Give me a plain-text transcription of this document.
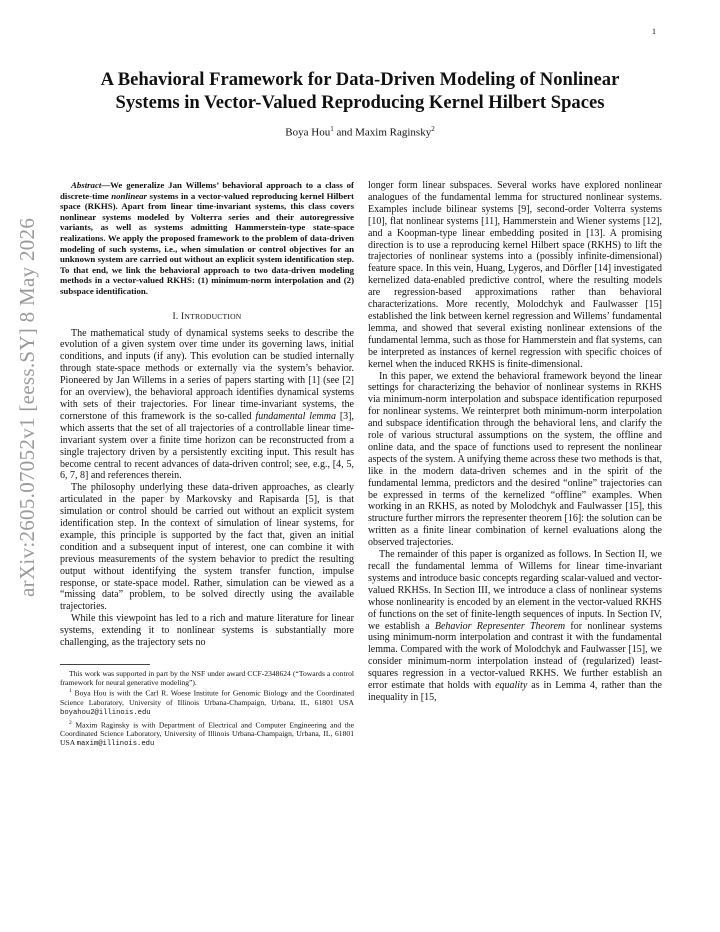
1
arXiv:2605.07052v1 [eess.SY] 8 May 2026
A Behavioral Framework for Data-Driven Modeling of Nonlinear
Systems in Vector-Valued Reproducing Kernel Hilbert Spaces
Boya Hou$^1$ and Maxim Raginsky$^2$
Abstract—We generalize Jan Willems’ behavioral approach to a class of discrete-time nonlinear systems in a vector-valued reproducing kernel Hilbert space (RKHS). Apart from linear time-invariant systems, this class covers nonlinear systems modeled by Volterra series and their autoregressive variants, as well as systems admitting Hammerstein-type state-space realizations. We apply the proposed framework to the problem of data-driven modeling of such systems, i.e., when simulation or control objectives for an unknown system are carried out without an explicit system identification step. To that end, we link the behavioral approach to two data-driven modeling methods in a vector-valued RKHS: (1) minimum-norm interpolation and (2) subspace identification.
I. INTRODUCTION

The mathematical study of dynamical systems seeks to describe the evolution of a given system over time under its governing laws, initial conditions, and inputs (if any). This evolution can be studied internally through state-space methods or externally via the system’s behavior. Pioneered by Jan Willems in a series of papers starting with [1] (see [2] for an overview), the behavioral approach identifies dynamical systems with sets of their trajectories. For linear time-invariant systems, the cornerstone of this framework is the so-called fundamental lemma [3], which asserts that the set of all trajectories of a controllable linear time-invariant system over a finite time horizon can be reconstructed from a single trajectory driven by a persistently exciting input. This result has become central to recent advances of data-driven control; see, e.g., [4, 5, 6, 7, 8] and references therein.

The philosophy underlying these data-driven approaches, as clearly articulated in the paper by Markovsky and Rapisarda [5], is that simulation or control should be carried out without an explicit system identification step. In the context of simulation of linear systems, for example, this principle is supported by the fact that, given an initial condition and a subsequent input of interest, one can combine it with previous measurements of the system behavior to predict the resulting output without identifying the system transfer function, impulse response, or state-space model. Rather, simulation can be viewed as a “missing data” problem, to be solved directly using the available trajectories.

While this viewpoint has led to a rich and mature literature for linear systems, extending it to nonlinear systems is substantially more challenging, as the trajectory sets no

This work was supported in part by the NSF under award CCF-2348624 (“Towards a control framework for neural generative modeling”).

$^1$ Boya Hou is with the Carl R. Woese Institute for Genomic Biology and the Coordinated Science Laboratory, University of Illinois Urbana-Champaign, Urbana, IL, 61801 USA boyahou2@illinois.edu

$^2$ Maxim Raginsky is with Department of Electrical and Computer Engineering and the Coordinated Science Laboratory, University of Illinois Urbana-Champaign, Urbana, IL, 61801 USA maxim@illinois.edu

longer form linear subspaces. Several works have explored nonlinear analogues of the fundamental lemma for structured nonlinear systems. Examples include bilinear systems [9], second-order Volterra systems [10], flat nonlinear systems [11], Hammerstein and Wiener systems [12], and a Koopman-type linear embedding posited in [13]. A promising direction is to use a reproducing kernel Hilbert space (RKHS) to lift the trajectories of nonlinear systems into a (possibly infinite-dimensional) feature space. In this vein, Huang, Lygeros, and Dörfler [14] investigated kernelized data-enabled predictive control, where the resulting models are regression-based approximations rather than behavioral characterizations. More recently, Molodchyk and Faulwasser [15] established the link between kernel regression and Willems’ fundamental lemma, and showed that several existing nonlinear extensions of the fundamental lemma, such as those for Hammerstein and flat systems, can be interpreted as instances of kernel regression with specific choices of kernel when the induced RKHS is finite-dimensional.

In this paper, we extend the behavioral framework beyond the linear settings for characterizing the behavior of nonlinear systems in RKHS via minimum-norm interpolation and subspace identification repurposed for nonlinear systems. We reinterpret both minimum-norm interpolation and subspace identification through the behavioral lens, and clarify the role of various structural assumptions on the system, the offline and online data, and the space of functions used to represent the nonlinear aspects of the system. A unifying theme across these two methods is that, like in the modern data-driven schemes and in the spirit of the fundamental lemma, predictors and the desired “online” trajectories can be expressed in terms of the kernelized “offline” examples. When working in an RKHS, as noted by Molodchyk and Faulwasser [15], this structure further mirrors the representer theorem [16]: the solution can be written as a finite linear combination of kernel evaluations along the observed trajectories.

The remainder of this paper is organized as follows. In Section II, we recall the fundamental lemma of Willems for linear time-invariant systems and introduce basic concepts regarding scalar-valued and vector-valued RKHSs. In Section III, we introduce a class of nonlinear systems whose nonlinearity is encoded by an element in the vector-valued RKHS of functions on the set of finite-length sequences of inputs. In Section IV, we establish a Behavior Representer Theorem for nonlinear systems using minimum-norm interpolation and contrast it with the fundamental lemma. Compared with the work of Molodchyk and Faulwasser [15], we consider minimum-norm interpolation instead of (regularized) least-squares regression in a vector-valued RKHS. We further establish an error estimate that holds with equality as in Lemma 4, rather than the inequality in [15,
